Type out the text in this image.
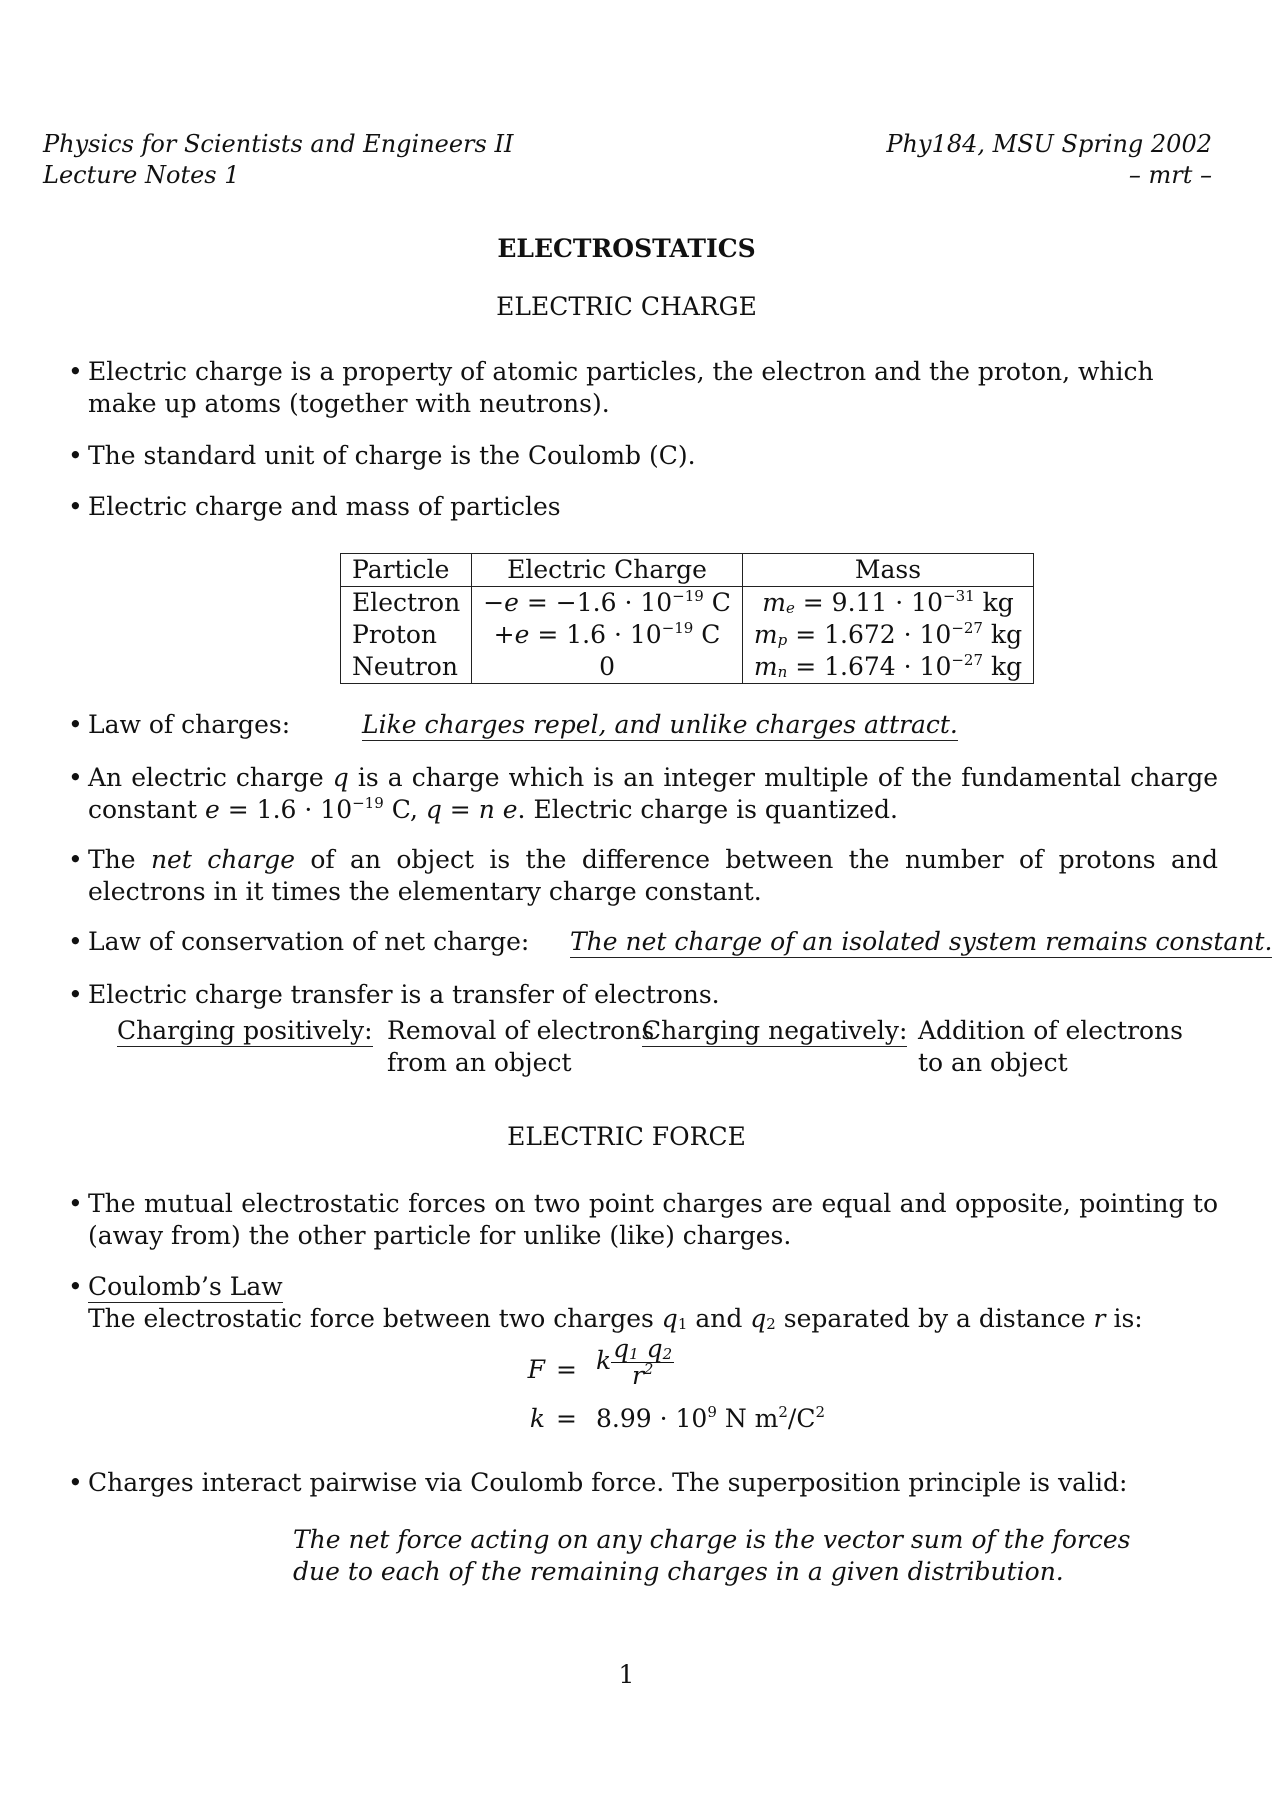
Physics for Scientists and Engineers II
Lecture Notes 1
Phy184, MSU Spring 2002
– mrt –
ELECTROSTATICS
ELECTRIC CHARGE
• Electric charge is a property of atomic particles, the electron and the proton, which make up atoms (together with neutrons).
• The standard unit of charge is the Coulomb (C).
• Electric charge and mass of particles
Particle	Electric Charge	Mass
Electron	$-e = -1.6 \cdot 10^{-19}$ C	$m_e = 9.11 \cdot 10^{-31}$ kg
Proton	$+e = 1.6 \cdot 10^{-19}$ C	$m_p = 1.672 \cdot 10^{-27}$ kg
Neutron	0	$m_n = 1.674 \cdot 10^{-27}$ kg
• Law of charges:	Like charges repel, and unlike charges attract.
• An electric charge q is a charge which is an integer multiple of the fundamental charge constant $e = 1.6 \cdot 10^{-19}$ C, q = n e. Electric charge is quantized.
• The net charge of an object is the difference between the number of protons and electrons in it times the elementary charge constant.
• Law of conservation of net charge:	The net charge of an isolated system remains constant.
• Electric charge transfer is a transfer of electrons.
Charging positively: Removal of electrons
from an object
Charging negatively: Addition of electrons
to an object
ELECTRIC FORCE
• The mutual electrostatic forces on two point charges are equal and opposite, pointing to (away from) the other particle for unlike (like) charges.
• Coulomb’s Law
The electrostatic force between two charges $q_1$ and $q_2$ separated by a distance r is:
F = k $\frac{q_1 q_2}{r^2}$
$k = 8.99 \cdot 10^9$ N $m^2/C^2$
• Charges interact pairwise via Coulomb force. The superposition principle is valid:
The net force acting on any charge is the vector sum of the forces
due to each of the remaining charges in a given distribution.
1
